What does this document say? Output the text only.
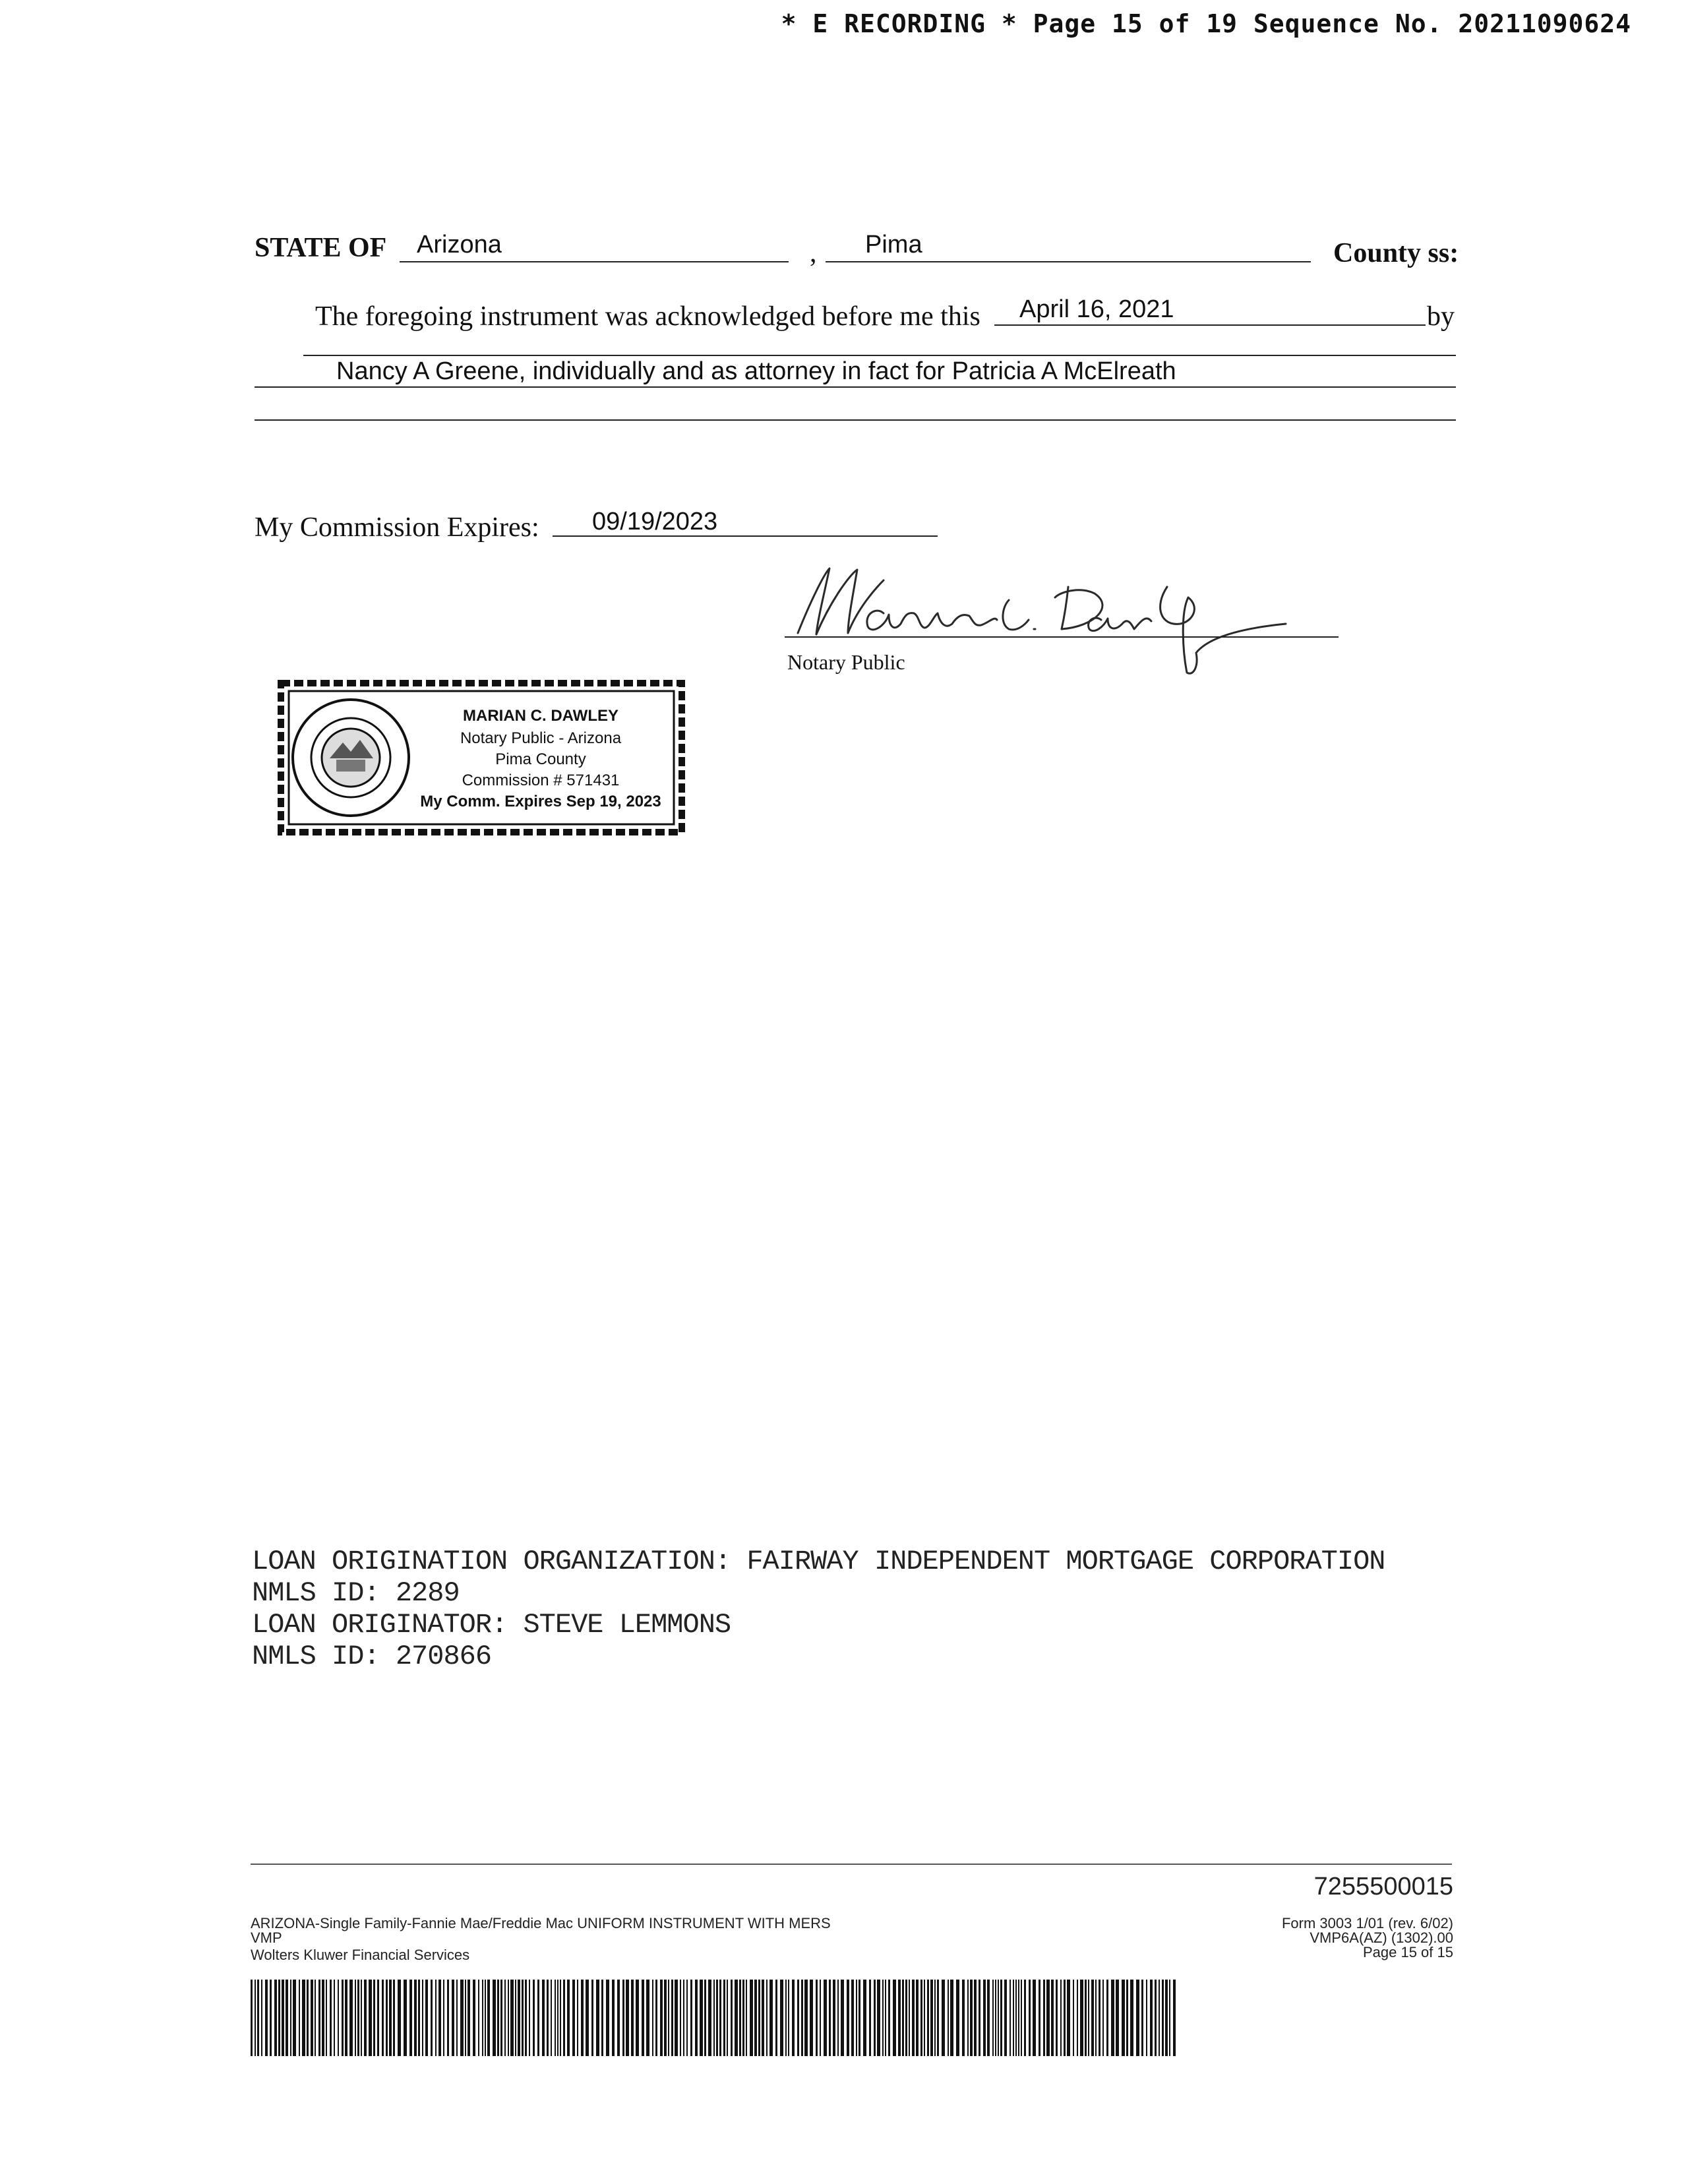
* E RECORDING * Page 15 of 19 Sequence No. 20211090624
STATE OF Arizona	, Pima	County ss:
The foregoing instrument was acknowledged before me this April 16, 2021	by
Nancy A Greene, individually and as attorney in fact for Patricia A McElreath
My Commission Expires: 09/19/2023
Notary Public
MARIAN C. DAWLEY
Notary Public - Arizona
Pima County
Commission # 571431
My Comm. Expires Sep 19, 2023
LOAN ORIGINATION ORGANIZATION: FAIRWAY INDEPENDENT MORTGAGE CORPORATION
NMLS ID: 2289
LOAN ORIGINATOR: STEVE LEMMONS
NMLS ID: 270866
7255500015
ARIZONA-Single Family-Fannie Mae/Freddie Mac UNIFORM INSTRUMENT WITH MERS
VMP
Wolters Kluwer Financial Services
Form 3003 1/01 (rev. 6/02)
VMP6A(AZ) (1302).00
Page 15 of 15
